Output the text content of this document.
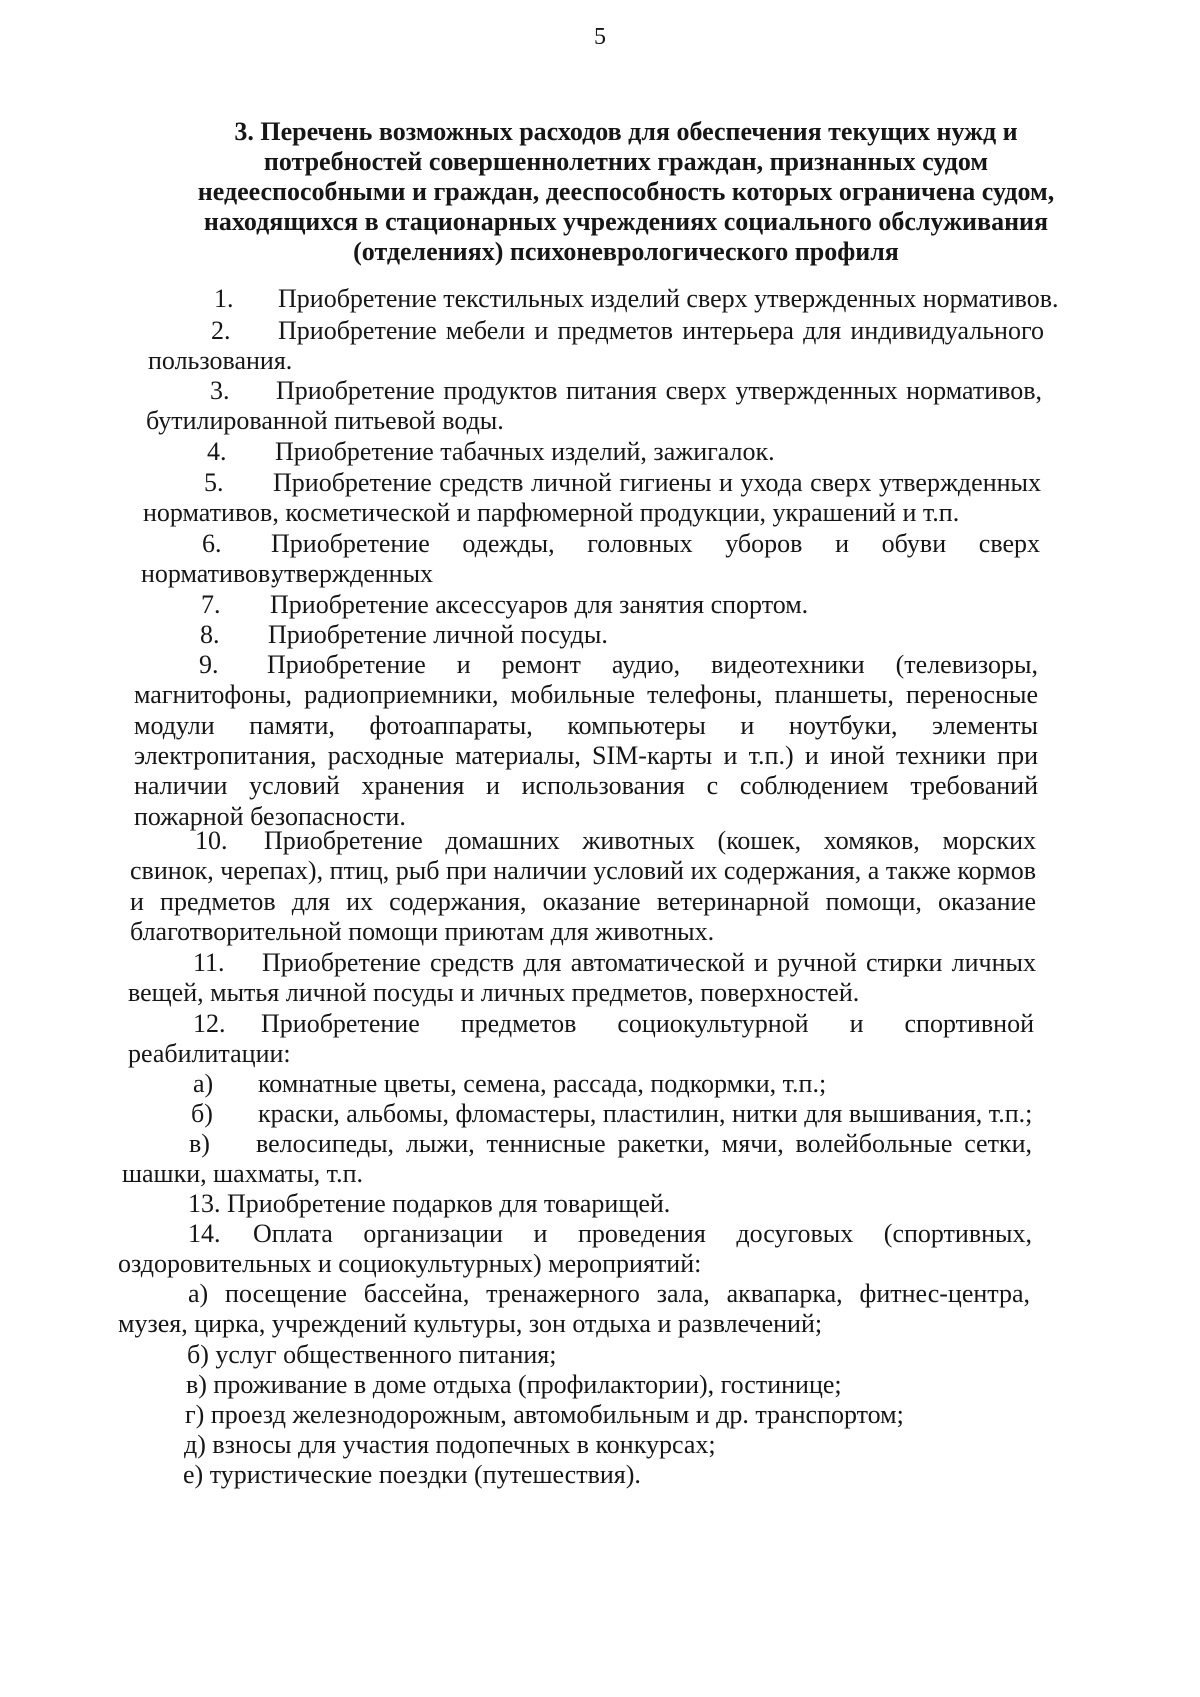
5
3. Перечень возможных расходов для обеспечения текущих нужд и потребностей совершеннолетних граждан, признанных судом недееспособными и граждан, дееспособность которых ограничена судом, находящихся в стационарных учреждениях социального обслуживания (отделениях) психоневрологического профиля
Приобретение текстильных изделий сверх утвержденных нормативов.
1.
Приобретение мебели и предметов интерьера для индивидуального
2.
пользования.
Приобретение продуктов питания сверх утвержденных нормативов,
3.
бутилированной питьевой воды.
Приобретение табачных изделий, зажигалок.
4.
Приобретение средств личной гигиены и ухода сверх утвержденных
5.
нормативов, косметической и парфюмерной продукции, украшений и т.п.
Приобретение одежды, головных уборов и обуви сверх утвержденных
6.
нормативов.
Приобретение аксессуаров для занятия спортом.
7.
Приобретение личной посуды.
8.
Приобретение и ремонт аудио, видеотехники (телевизоры,
9.
магнитофоны, радиоприемники, мобильные телефоны, планшеты, переносные
модули памяти, фотоаппараты, компьютеры и ноутбуки, элементы
электропитания, расходные материалы, SIM-карты и т.п.) и иной техники при
наличии условий хранения и использования с соблюдением требований
пожарной безопасности.
Приобретение домашних животных (кошек, хомяков, морских
10.
свинок, черепах), птиц, рыб при наличии условий их содержания, а также кормов
и предметов для их содержания, оказание ветеринарной помощи, оказание
благотворительной помощи приютам для животных.
Приобретение средств для автоматической и ручной стирки личных
11.
вещей, мытья личной посуды и личных предметов, поверхностей.
Приобретение предметов социокультурной и спортивной
12.
реабилитации:
комнатные цветы, семена, рассада, подкормки, т.п.;
а)
краски, альбомы, фломастеры, пластилин, нитки для вышивания, т.п.;
б)
велосипеды, лыжи, теннисные ракетки, мячи, волейбольные сетки,
в)
шашки, шахматы, т.п.
13. Приобретение подарков для товарищей.
Оплата организации и проведения досуговых (спортивных,
14.
оздоровительных и социокультурных) мероприятий:
а) посещение бассейна, тренажерного зала, аквапарка, фитнес-центра,
музея, цирка, учреждений культуры, зон отдыха и развлечений;
б) услуг общественного питания;
в) проживание в доме отдыха (профилактории), гостинице;
г) проезд железнодорожным, автомобильным и др. транспортом;
д) взносы для участия подопечных в конкурсах;
е) туристические поездки (путешествия).
